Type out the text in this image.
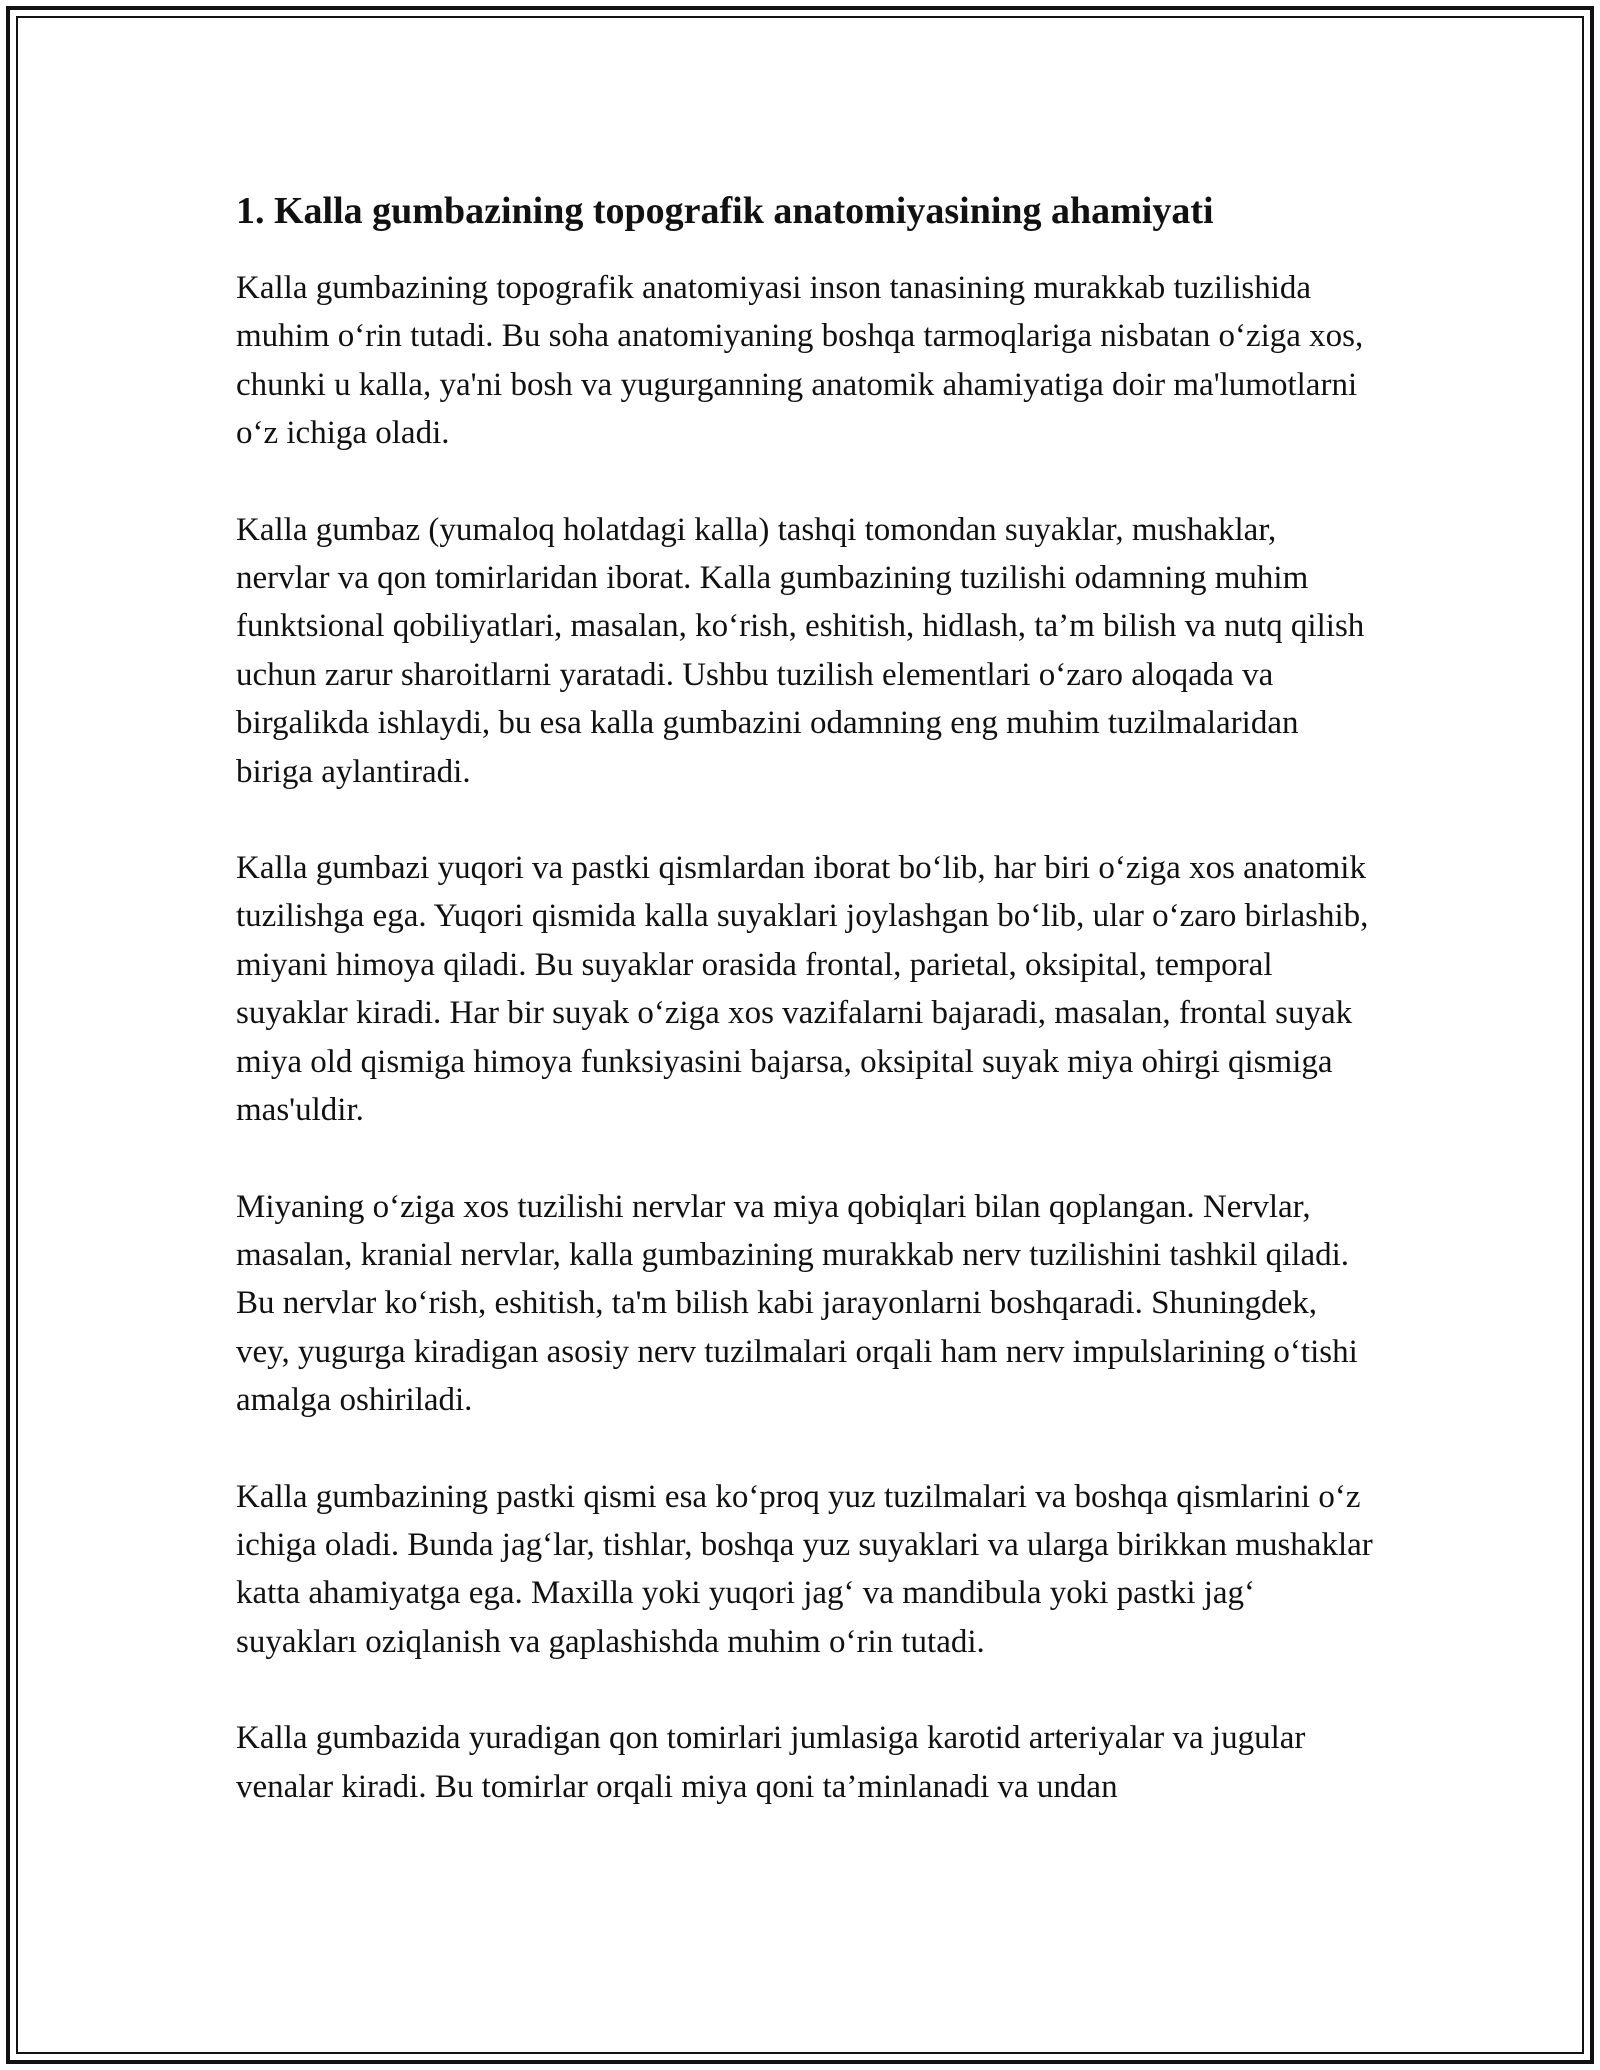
1. Kalla gumbazining topografik anatomiyasining ahamiyati

Kalla gumbazining topografik anatomiyasi inson tanasining murakkab tuzilishida muhim o‘rin tutadi. Bu soha anatomiyaning boshqa tarmoqlariga nisbatan o‘ziga xos, chunki u kalla, ya'ni bosh va yugurganning anatomik ahamiyatiga doir ma'lumotlarni o‘z ichiga oladi.

Kalla gumbaz (yumaloq holatdagi kalla) tashqi tomondan suyaklar, mushaklar, nervlar va qon tomirlaridan iborat. Kalla gumbazining tuzilishi odamning muhim funktsional qobiliyatlari, masalan, ko‘rish, eshitish, hidlash, ta’m bilish va nutq qilish uchun zarur sharoitlarni yaratadi. Ushbu tuzilish elementlari o‘zaro aloqada va birgalikda ishlaydi, bu esa kalla gumbazini odamning eng muhim tuzilmalaridan biriga aylantiradi.

Kalla gumbazi yuqori va pastki qismlardan iborat bo‘lib, har biri o‘ziga xos anatomik tuzilishga ega. Yuqori qismida kalla suyaklari joylashgan bo‘lib, ular o‘zaro birlashib, miyani himoya qiladi. Bu suyaklar orasida frontal, parietal, oksipital, temporal suyaklar kiradi. Har bir suyak o‘ziga xos vazifalarni bajaradi, masalan, frontal suyak miya old qismiga himoya funksiyasini bajarsa, oksipital suyak miya ohirgi qismiga mas'uldir.

Miyaning o‘ziga xos tuzilishi nervlar va miya qobiqlari bilan qoplangan. Nervlar, masalan, kranial nervlar, kalla gumbazining murakkab nerv tuzilishini tashkil qiladi. Bu nervlar ko‘rish, eshitish, ta'm bilish kabi jarayonlarni boshqaradi. Shuningdek, vey, yugurga kiradigan asosiy nerv tuzilmalari orqali ham nerv impulslarining o‘tishi amalga oshiriladi.

Kalla gumbazining pastki qismi esa ko‘proq yuz tuzilmalari va boshqa qismlarini o‘z ichiga oladi. Bunda jag‘lar, tishlar, boshqa yuz suyaklari va ularga birikkan mushaklar katta ahamiyatga ega. Maxilla yoki yuqori jag‘ va mandibula yoki pastki jag‘ suyakları oziqlanish va gaplashishda muhim o‘rin tutadi.

Kalla gumbazida yuradigan qon tomirlari jumlasiga karotid arteriyalar va jugular venalar kiradi. Bu tomirlar orqali miya qoni ta’minlanadi va undan
